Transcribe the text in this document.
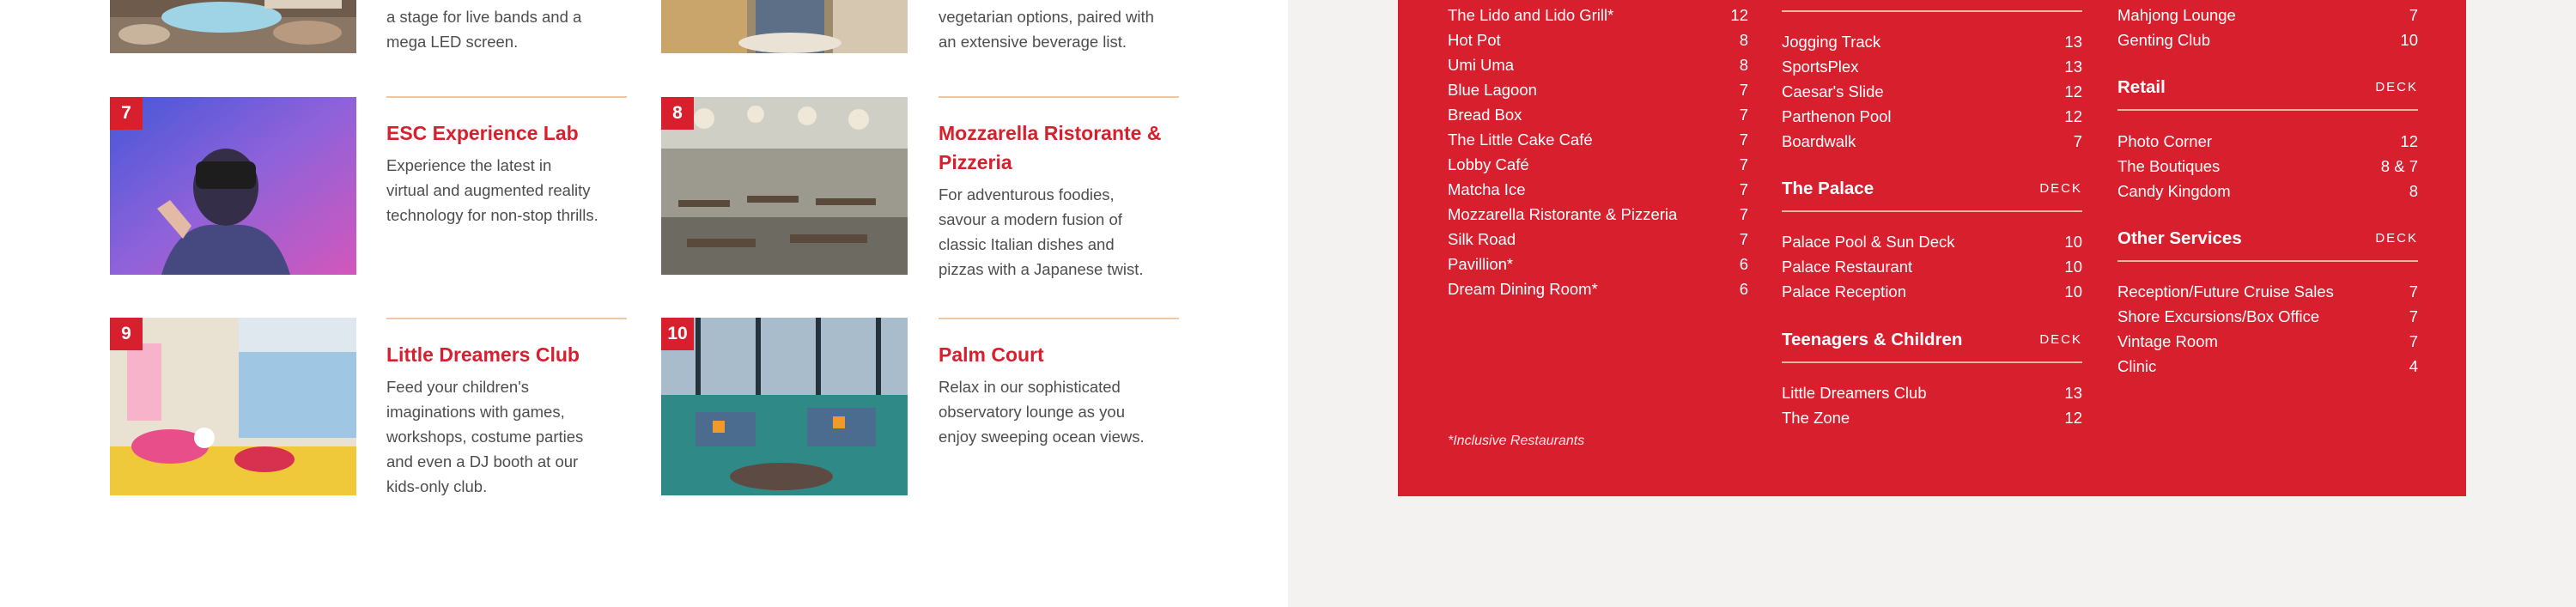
a stage for live bands and a
mega LED screen.
vegetarian options, paired with
an extensive beverage list.
7
ESC Experience Lab
Experience the latest in
virtual and augmented reality
technology for non-stop thrills.
8
Mozzarella Ristorante &
Pizzeria
For adventurous foodies,
savour a modern fusion of
classic Italian dishes and
pizzas with a Japanese twist.
9
Little Dreamers Club
Feed your children's
imaginations with games,
workshops, costume parties
and even a DJ booth at our
kids-only club.
10
Palm Court
Relax in our sophisticated
observatory lounge as you
enjoy sweeping ocean views.
The Lido and Lido Grill*	12
Hot Pot	8
Umi Uma	8
Blue Lagoon	7
Bread Box	7
The Little Cake Café	7
Lobby Café	7
Matcha Ice	7
Mozzarella Ristorante & Pizzeria	7
Silk Road	7
Pavillion*	6
Dream Dining Room*	6
*Inclusive Restaurants
Jogging Track	13
SportsPlex	13
Caesar's Slide	12
Parthenon Pool	12
Boardwalk	7
The Palace	DECK
Palace Pool & Sun Deck	10
Palace Restaurant	10
Palace Reception	10
Teenagers & Children	DECK
Little Dreamers Club	13
The Zone	12
Mahjong Lounge	7
Genting Club	10
Retail	DECK
Photo Corner	12
The Boutiques	8 & 7
Candy Kingdom	8
Other Services	DECK
Reception/Future Cruise Sales	7
Shore Excursions/Box Office	7
Vintage Room	7
Clinic	4
